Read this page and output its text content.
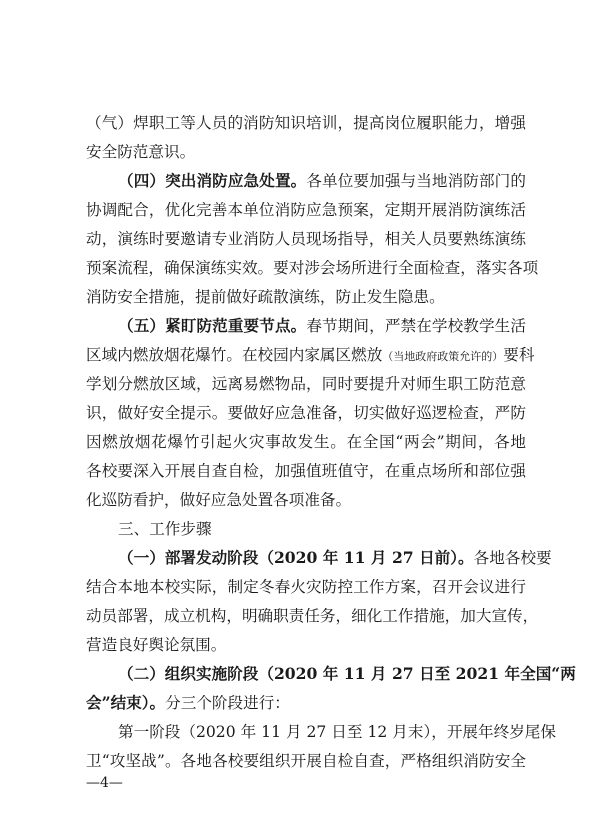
（气）焊职工等人员的消防知识培训，提高岗位履职能力，增强
安全防范意识。
（四）突出消防应急处置。各单位要加强与当地消防部门的
协调配合，优化完善本单位消防应急预案，定期开展消防演练活
动，演练时要邀请专业消防人员现场指导，相关人员要熟练演练
预案流程，确保演练实效。要对涉会场所进行全面检查，落实各项
消防安全措施，提前做好疏散演练，防止发生隐患。
（五）紧盯防范重要节点。春节期间，严禁在学校教学生活
区域内燃放烟花爆竹。在校园内家属区燃放（当地政府政策允许的）要科
学划分燃放区域，远离易燃物品，同时要提升对师生职工防范意
识，做好安全提示。要做好应急准备，切实做好巡逻检查，严防
因燃放烟花爆竹引起火灾事故发生。在全国“两会”期间，各地
各校要深入开展自查自检，加强值班值守，在重点场所和部位强
化巡防看护，做好应急处置各项准备。
三、工作步骤
（一）部署发动阶段（2020 年 11 月 27 日前）。各地各校要
结合本地本校实际，制定冬春火灾防控工作方案，召开会议进行
动员部署，成立机构，明确职责任务，细化工作措施，加大宣传，
营造良好舆论氛围。
（二）组织实施阶段（2020 年 11 月 27 日至 2021 年全国“两
会”结束）。分三个阶段进行：
第一阶段（2020 年 11 月 27 日至 12 月末），开展年终岁尾保
卫“攻坚战”。各地各校要组织开展自检自查，严格组织消防安全
—4—
